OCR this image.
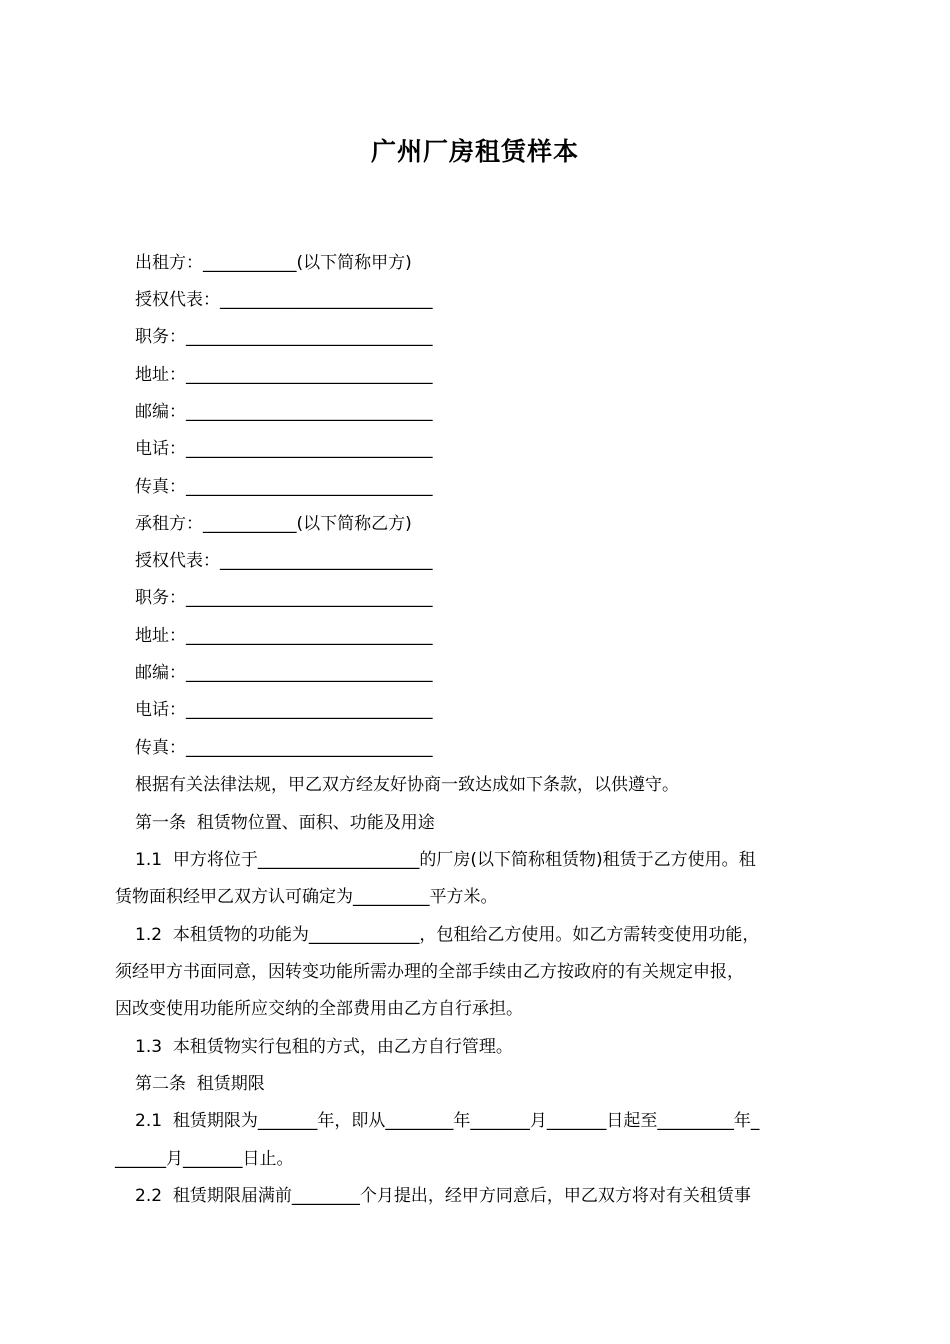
广州厂房租赁样本
出租方：___________(以下简称甲方)
授权代表：_________________________
职务：_____________________________
地址：_____________________________
邮编：_____________________________
电话：_____________________________
传真：_____________________________
承租方：___________(以下简称乙方)
授权代表：_________________________
职务：_____________________________
地址：_____________________________
邮编：_____________________________
电话：_____________________________
传真：_____________________________
根据有关法律法规，甲乙双方经友好协商一致达成如下条款，以供遵守。
第一条  租赁物位置、面积、功能及用途
1.1  甲方将位于___________________的厂房(以下简称租赁物)租赁于乙方使用。租
赁物面积经甲乙双方认可确定为_________平方米。
1.2  本租赁物的功能为_____________，包租给乙方使用。如乙方需转变使用功能，
须经甲方书面同意，因转变功能所需办理的全部手续由乙方按政府的有关规定申报，
因改变使用功能所应交纳的全部费用由乙方自行承担。
1.3  本租赁物实行包租的方式，由乙方自行管理。
第二条  租赁期限
2.1  租赁期限为_______年，即从________年_______月_______日起至_________年_
______月_______日止。
2.2  租赁期限届满前________个月提出，经甲方同意后，甲乙双方将对有关租赁事
